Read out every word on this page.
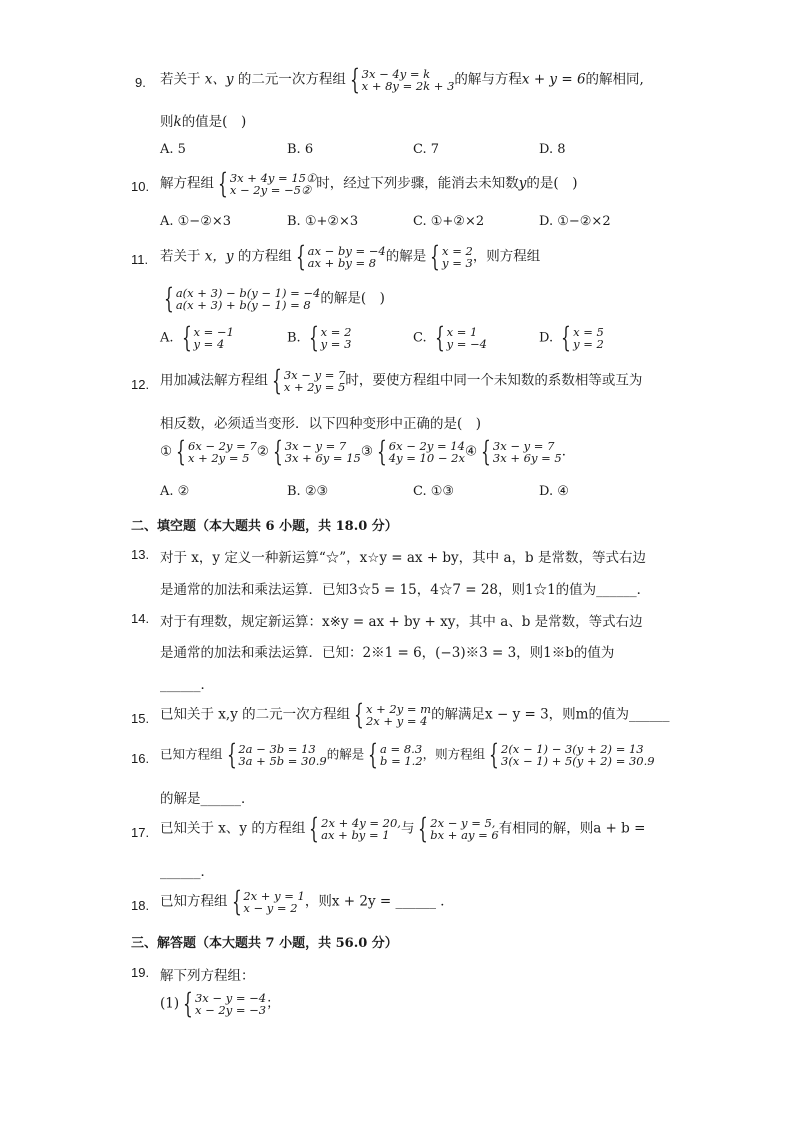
9. 若关于 x、y 的二元一次方程组 { 3x − 4y = k
x + 8y = 2k + 3 的解与方程x + y = 6的解相同,
则k的值是(　)
A. 5	B. 6	C. 7	D. 8
10. 解方程组 { 3x + 4y = 15①
x − 2y = −5② 时，经过下列步骤，能消去未知数y的是(　)
A. ①−②×3	B. ①+②×3	C. ①+②×2	D. ①−②×2
11. 若关于 x，y 的方程组 { ax − by = −4
ax + by = 8 的解是 { x = 2
y = 3 ，则方程组
{ a(x + 3) − b(y − 1) = −4
a(x + 3) + b(y − 1) = 8 的解是(　)
A. { x = −1
y = 4	B. { x = 2
y = 3	C. { x = 1
y = −4	D. { x = 5
y = 2
12. 用加减法解方程组 { 3x − y = 7
x + 2y = 5 时，要使方程组中同一个未知数的系数相等或互为
相反数，必须适当变形．以下四种变形中正确的是(　)
① { 6x − 2y = 7
x + 2y = 5 ② { 3x − y = 7
3x + 6y = 15 ③ { 6x − 2y = 14
4y = 10 − 2x ④ { 3x − y = 7
3x + 6y = 5 ．
A. ②	B. ②③	C. ①③	D. ④
二、填空题（本大题共 6 小题，共 18.0 分）
13. 对于 x，y 定义一种新运算“☆”，x☆y = ax + by，其中 a，b 是常数，等式右边
是通常的加法和乘法运算．已知3☆5 = 15，4☆7 = 28，则1☆1的值为______．
14. 对于有理数，规定新运算：x※y = ax + by + xy，其中 a、b 是常数，等式右边
是通常的加法和乘法运算．已知：2※1 = 6，(−3)※3 = 3，则1※b的值为
______．
15. 已知关于 x,y 的二元一次方程组 { x + 2y = m
2x + y = 4 的解满足x − y = 3，则m的值为______
16. 已知方程组 { 2a − 3b = 13
3a + 5b = 30.9 的解是 { a = 8.3
b = 1.2 ，则方程组 { 2(x − 1) − 3(y + 2) = 13
3(x − 1) + 5(y + 2) = 30.9
的解是______．
17. 已知关于 x、y 的方程组 { 2x + 4y = 20,
ax + by = 1 与 { 2x − y = 5,
bx + ay = 6 有相同的解，则a + b =
______．
18. 已知方程组 { 2x + y = 1
x − y = 2 ，则x + 2y = ______ ．
三、解答题（本大题共 7 小题，共 56.0 分）
19. 解下列方程组：
(1) { 3x − y = −4
x − 2y = −3 ；
